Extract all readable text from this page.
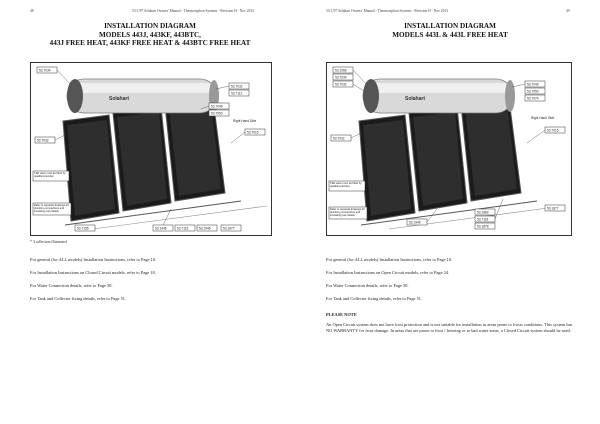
48	53-1/97 Solahart Owners' Manual - Thermosiphon Systems - Revision H - Nov 2013
INSTALLATION DIAGRAM
MODELS 443J, 443KF, 443BTC,
443J FREE HEAT, 443KF FREE HEAT & 443BTC FREE HEAT
Solahart
53.7034
53.7032
53.7112
53.7049
53.7050
Right Hand Side
53.7015
53.7032
53.1946	53.7115	53.1946	53.1877
53.7155
T&E valve must be fitted by qualified plumber
Refer to separate drawings for plumbing connections and insulating pipe details
* 3 collectors illustrated
For general (for ALL models) Installation Instructions, refer to Page 10.
For Installation Instructions on Closed Circuit models, refer to Page 18.
For Water Connection details, refer to Page 50.
For Tank and Collector fixing details, refer to Page 51.
53-1/97 Solahart Owners' Manual - Thermosiphon Systems - Revision H - Nov 2013	49
INSTALLATION DIAGRAM
MODELS 443L & 443L FREE HEAT
Solahart
53.1956
53.7034
53.7032	53.7049
53.7050
53.7074
Right Hand Side
53.7015
53.7032
53.1946
53.1883
53.7118
53.1878
53.1877
T&E valve must be fitted by qualified plumber
Refer to separate drawings for plumbing connections and insulating pipe details
For general (for ALL models) Installation Instructions, refer to Page 10.
For Installation Instructions on Open Circuit models, refer to Page 24.
For Water Connection details, refer to Page 50.
For Tank and Collector fixing details, refer to Page 51.
PLEASE NOTE
An Open Circuit system does not have frost protection and is not suitable for installation in areas prone to frosts conditions. This system has NO WARRANTY for frost damage. In areas that are prone to frost / freezing or to bad water areas, a Closed Circuit system should be used.
